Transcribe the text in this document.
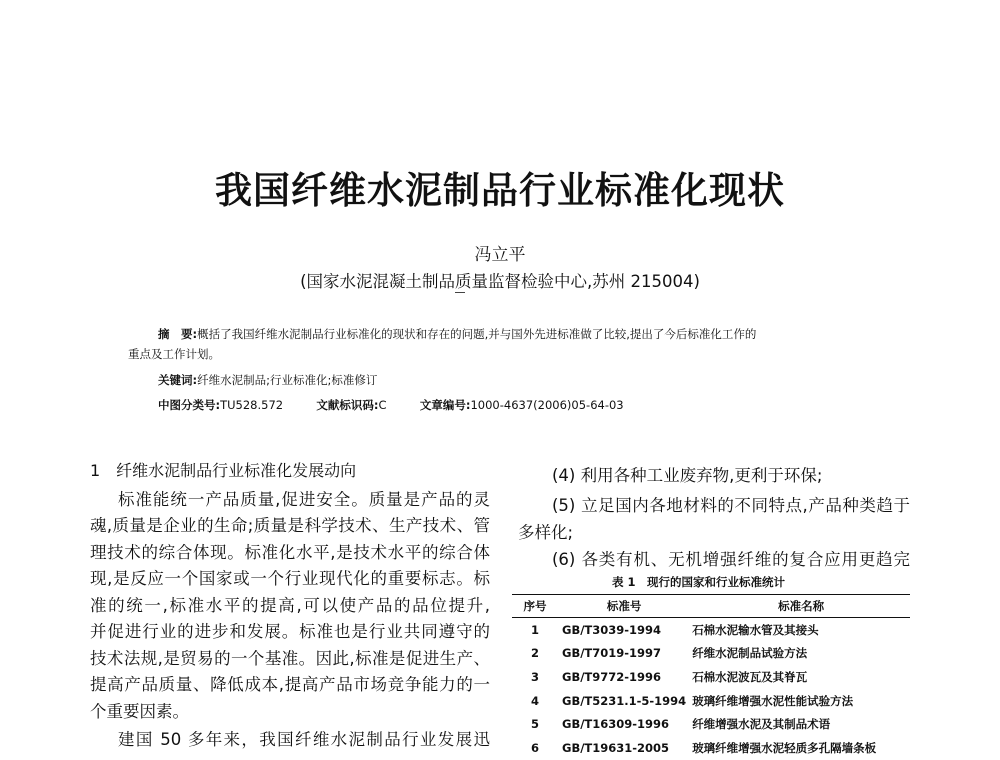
我国纤维水泥制品行业标准化现状
冯立平
(国家水泥混凝土制品质量监督检验中心,苏州 215004)
摘　要:概括了我国纤维水泥制品行业标准化的现状和存在的问题,并与国外先进标准做了比较,提出了今后标准化工作的
重点及工作计划。
关键词:纤维水泥制品;行业标准化;标准修订
中图分类号:TU528.572	文献标识码:C	文章编号:1000-4637(2006)05-64-03
1　纤维水泥制品行业标准化发展动向
标准能统一产品质量,促进安全。质量是产品的灵
魂,质量是企业的生命;质量是科学技术、生产技术、管
理技术的综合体现。标准化水平,是技术水平的综合体
现,是反应一个国家或一个行业现代化的重要标志。标
准的统一,标准水平的提高,可以使产品的品位提升,
并促进行业的进步和发展。标准也是行业共同遵守的
技术法规,是贸易的一个基准。因此,标准是促进生产、
提高产品质量、降低成本,提高产品市场竞争能力的一
个重要因素。
建国 50 多年来，我国纤维水泥制品行业发展迅
(4) 利用各种工业废弃物,更利于环保;
(5) 立足国内各地材料的不同特点,产品种类趋于
多样化;
(6) 各类有机、无机增强纤维的复合应用更趋完
表 1　现行的国家和行业标准统计
序号	标准号	标准名称
1	GB/T3039-1994	石棉水泥输水管及其接头
2	GB/T7019-1997	纤维水泥制品试验方法
3	GB/T9772-1996	石棉水泥波瓦及其脊瓦
4	GB/T5231.1-5-1994	玻璃纤维增强水泥性能试验方法
5	GB/T16309-1996	纤维增强水泥及其制品术语
6	GB/T19631-2005	玻璃纤维增强水泥轻质多孔隔墙条板
